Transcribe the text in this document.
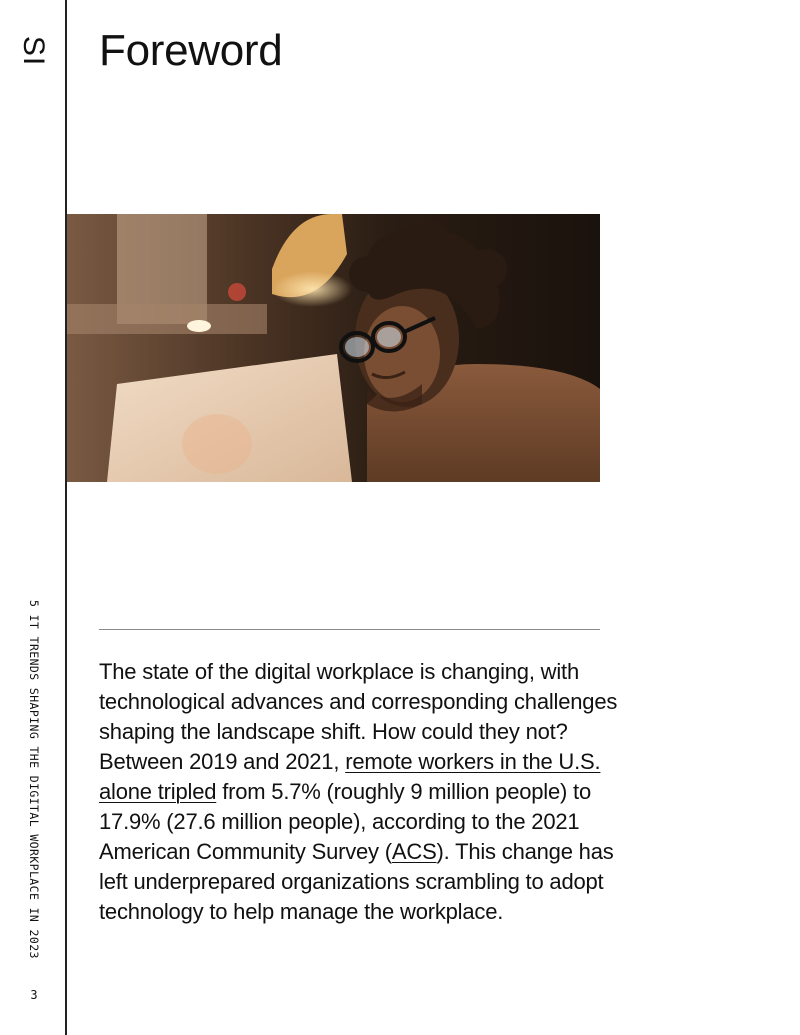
SI
5 IT TRENDS SHAPING THE DIGITAL WORKPLACE IN 2023
3
Foreword

The state of the digital workplace is changing, with technological advances and corresponding challenges shaping the landscape shift. How could they not? Between 2019 and 2021, remote workers in the U.S. alone tripled from 5.7% (roughly 9 million people) to 17.9% (27.6 million people), according to the 2021 American Community Survey (ACS). This change has left underprepared organizations scrambling to adopt technology to help manage the workplace.
